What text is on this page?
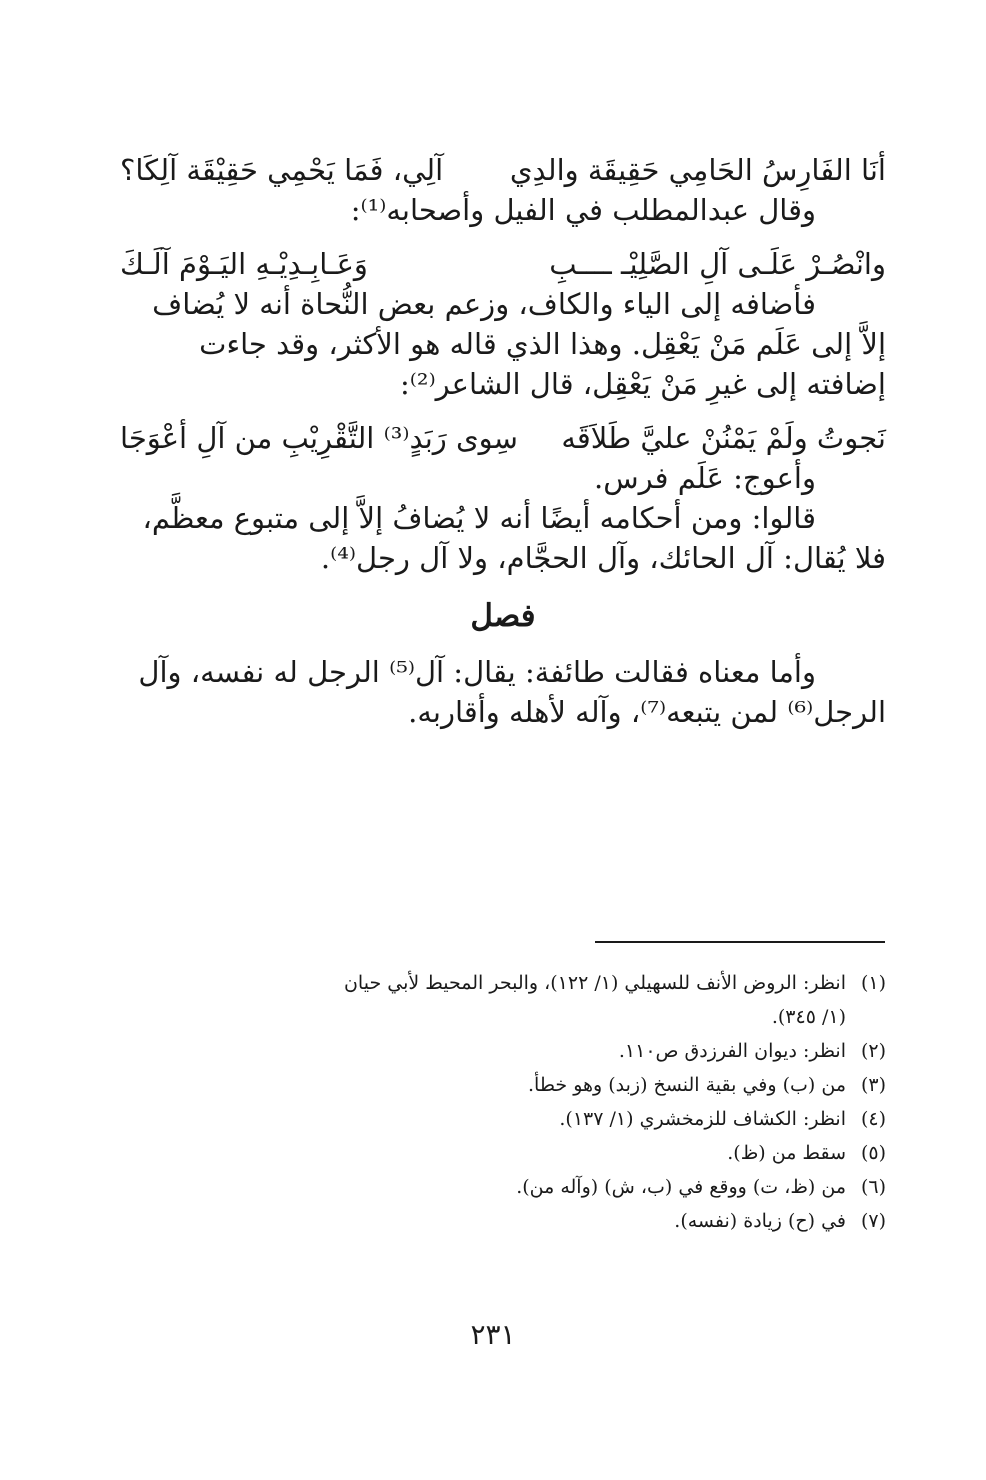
أنَا الفَارِسُ الحَامِي حَقِيقَة والدِي
آلِي، فَمَا يَحْمِي حَقِيْقَة آلِكَا؟
وقال عبدالمطلب في الفيل وأصحابه⁽¹⁾:
وانْصُـرْ عَلَـى آلِ الصَّلِيْـ ــــبِ
وَعَـابِـدِيْـهِ اليَـوْمَ آلَـكَ
فأضافه إلى الياء والكاف، وزعم بعض النُّحاة أنه لا يُضاف
إلاَّ إلى عَلَم مَنْ يَعْقِل. وهذا الذي قاله هو الأكثر، وقد جاءت
إضافته إلى غيرِ مَنْ يَعْقِل، قال الشاعر⁽²⁾:
نَجوتُ ولَمْ يَمْنُنْ عليَّ طَلاَقَه
سِوى رَبَدٍ⁽³⁾ التَّقْرِيْبِ من آلِ أعْوَجَا
وأعوج: عَلَم فرس.
قالوا: ومن أحكامه أيضًا أنه لا يُضافُ إلاَّ إلى متبوع معظَّم،
فلا يُقال: آل الحائك، وآل الحجَّام، ولا آل رجل⁽⁴⁾.
فصل
وأما معناه فقالت طائفة: يقال: آل⁽⁵⁾ الرجل له نفسه، وآل
الرجل⁽⁶⁾ لمن يتبعه⁽⁷⁾، وآله لأهله وأقاربه.
(١)
انظر: الروض الأنف للسهيلي (١/ ١٢٢)، والبحر المحيط لأبي حيان
(١/ ٣٤٥).
(٢)
انظر: ديوان الفرزدق ص١١٠.
(٣)
من (ب) وفي بقية النسخ (زبد) وهو خطأ.
(٤)
انظر: الكشاف للزمخشري (١/ ١٣٧).
(٥)
سقط من (ظ).
(٦)
من (ظ، ت) ووقع في (ب، ش) (وآله من).
(٧)
في (ح) زيادة (نفسه).
٢٣١
